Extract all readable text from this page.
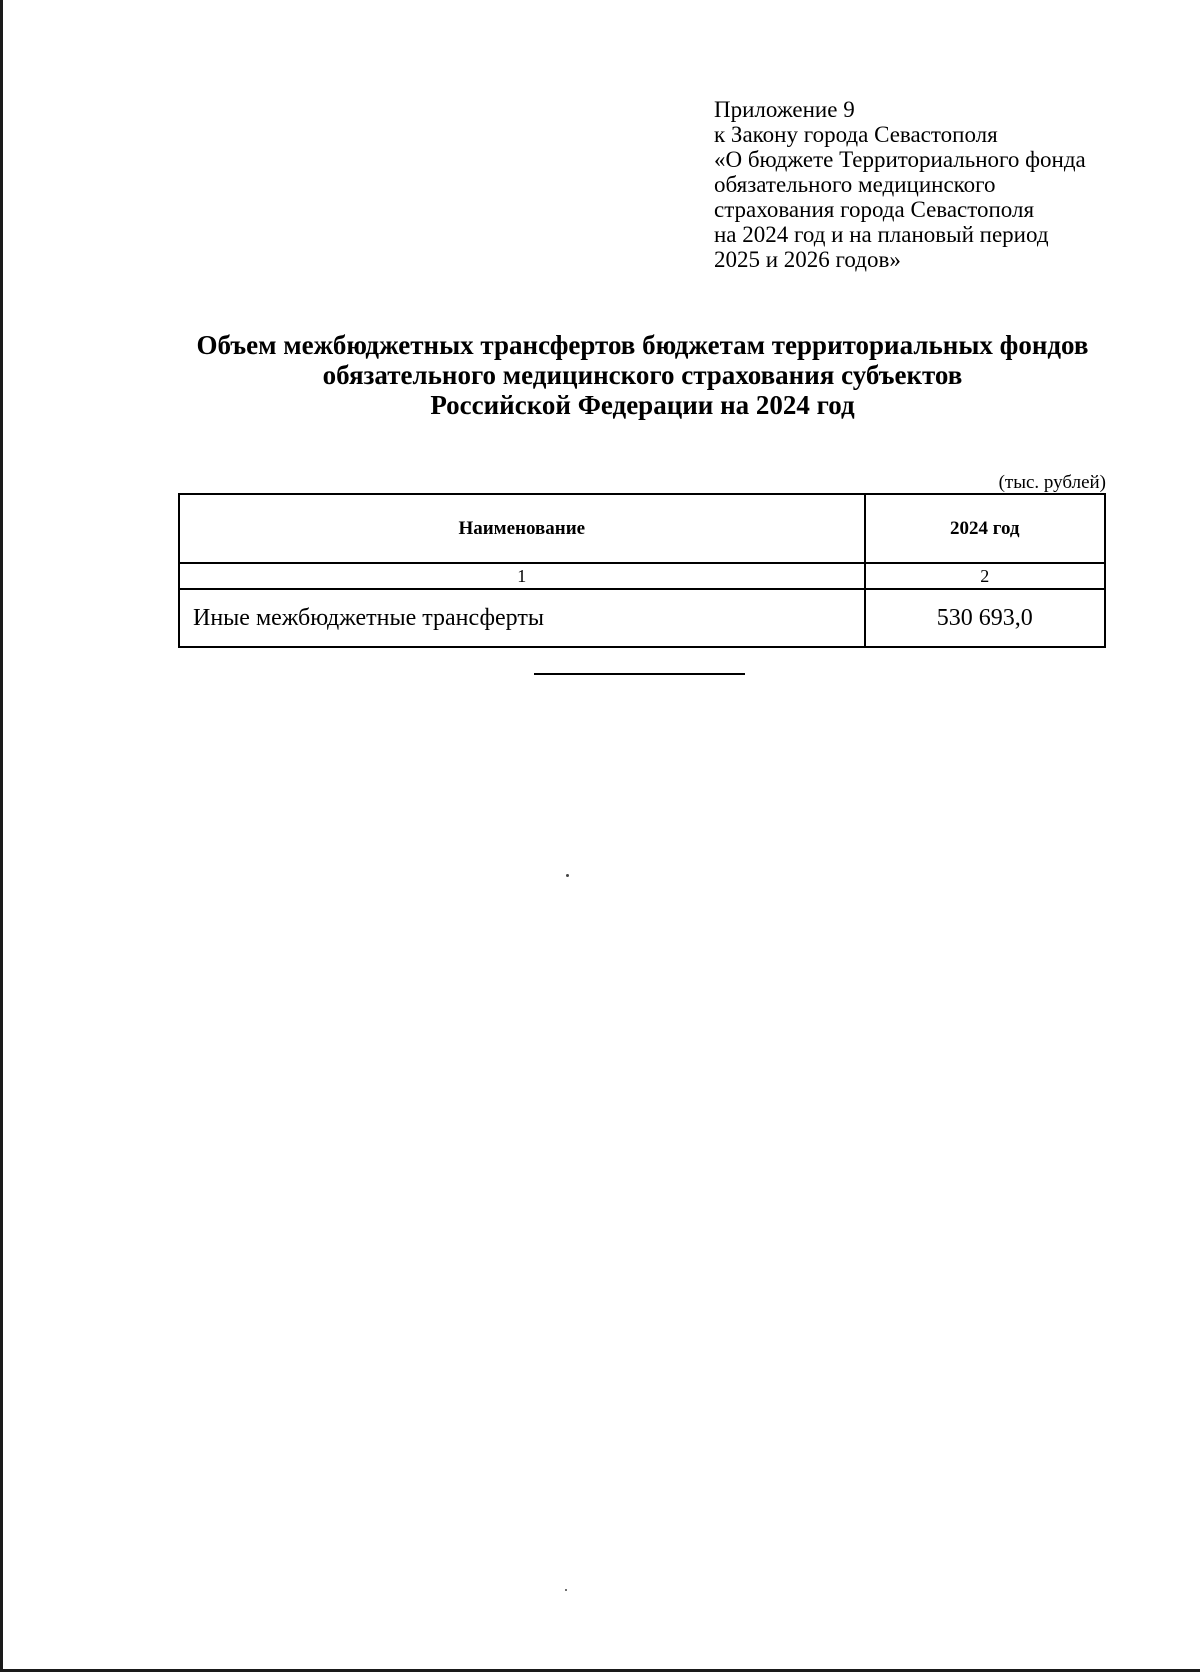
Приложение 9
к Закону города Севастополя
«О бюджете Территориального фонда
обязательного медицинского
страхования города Севастополя
на 2024 год и на плановый период
2025 и 2026 годов»
Объем межбюджетных трансфертов бюджетам территориальных фондов
обязательного медицинского страхования субъектов
Российской Федерации на 2024 год
(тыс. рублей)
Наименование	2024 год
1	2
Иные межбюджетные трансферты	530 693,0
